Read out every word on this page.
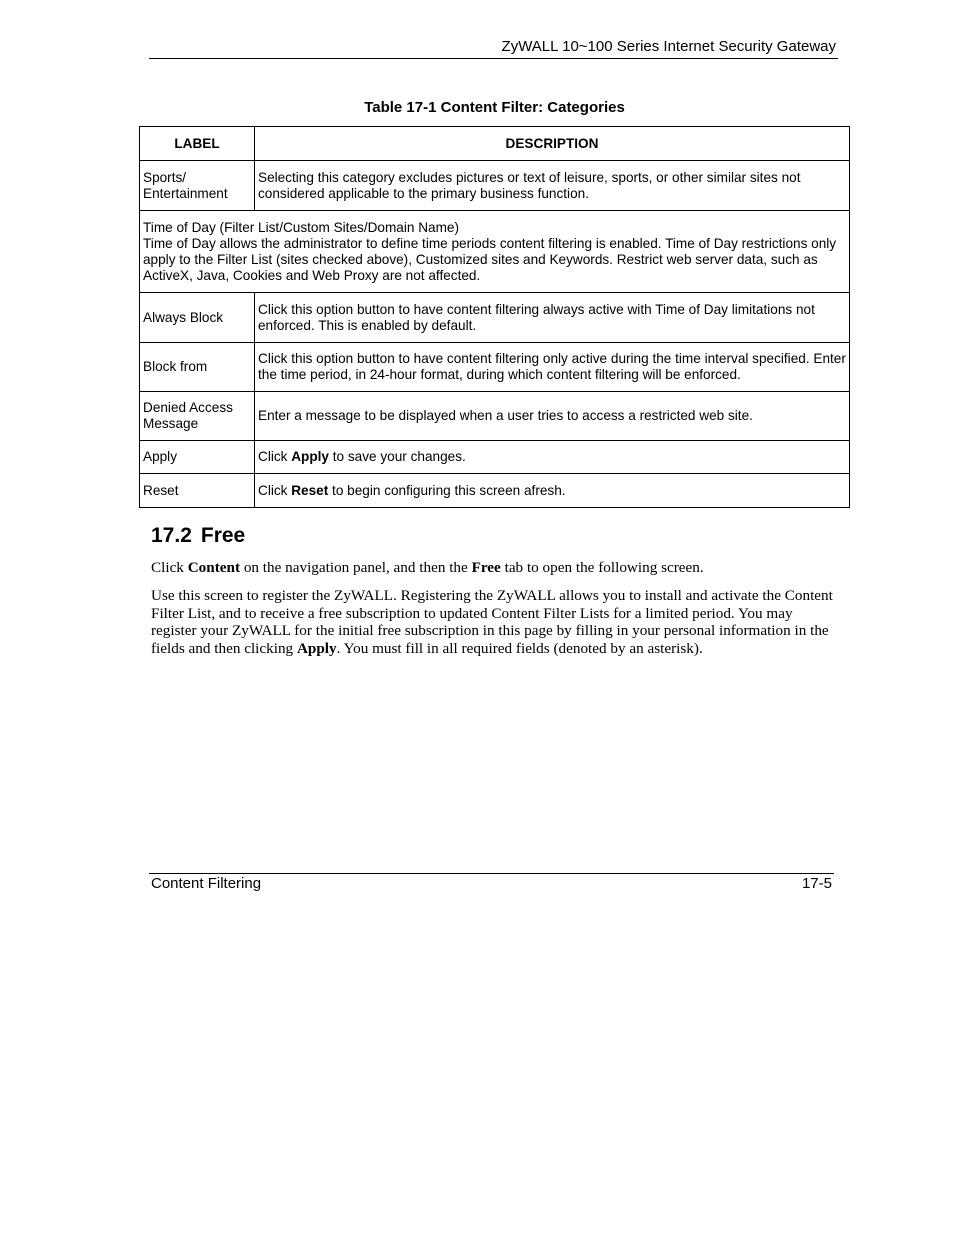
ZyWALL 10~100 Series Internet Security Gateway
Table 17-1 Content Filter: Categories
LABEL	DESCRIPTION
Sports/ Entertainment	Selecting this category excludes pictures or text of leisure, sports, or other similar sites not considered applicable to the primary business function.

Time of Day (Filter List/Custom Sites/Domain Name)
Time of Day allows the administrator to define time periods content filtering is enabled. Time of Day restrictions only apply to the Filter List (sites checked above), Customized sites and Keywords. Restrict web server data, such as ActiveX, Java, Cookies and Web Proxy are not affected.	

Always Block	Click this option button to have content filtering always active with Time of Day limitations not enforced. This is enabled by default.
Block from	Click this option button to have content filtering only active during the time interval specified. Enter the time period, in 24-hour format, during which content filtering will be enforced.
Denied Access Message	Enter a message to be displayed when a user tries to access a restricted web site.
Apply	Click Apply to save your changes.
Reset	Click Reset to begin configuring this screen afresh.
17.2 Free

Click Content on the navigation panel, and then the Free tab to open the following screen.

Use this screen to register the ZyWALL. Registering the ZyWALL allows you to install and activate the Content Filter List, and to receive a free subscription to updated Content Filter Lists for a limited period. You may register your ZyWALL for the initial free subscription in this page by filling in your personal information in the fields and then clicking Apply. You must fill in all required fields (denoted by an asterisk).

Content Filtering	17-5
